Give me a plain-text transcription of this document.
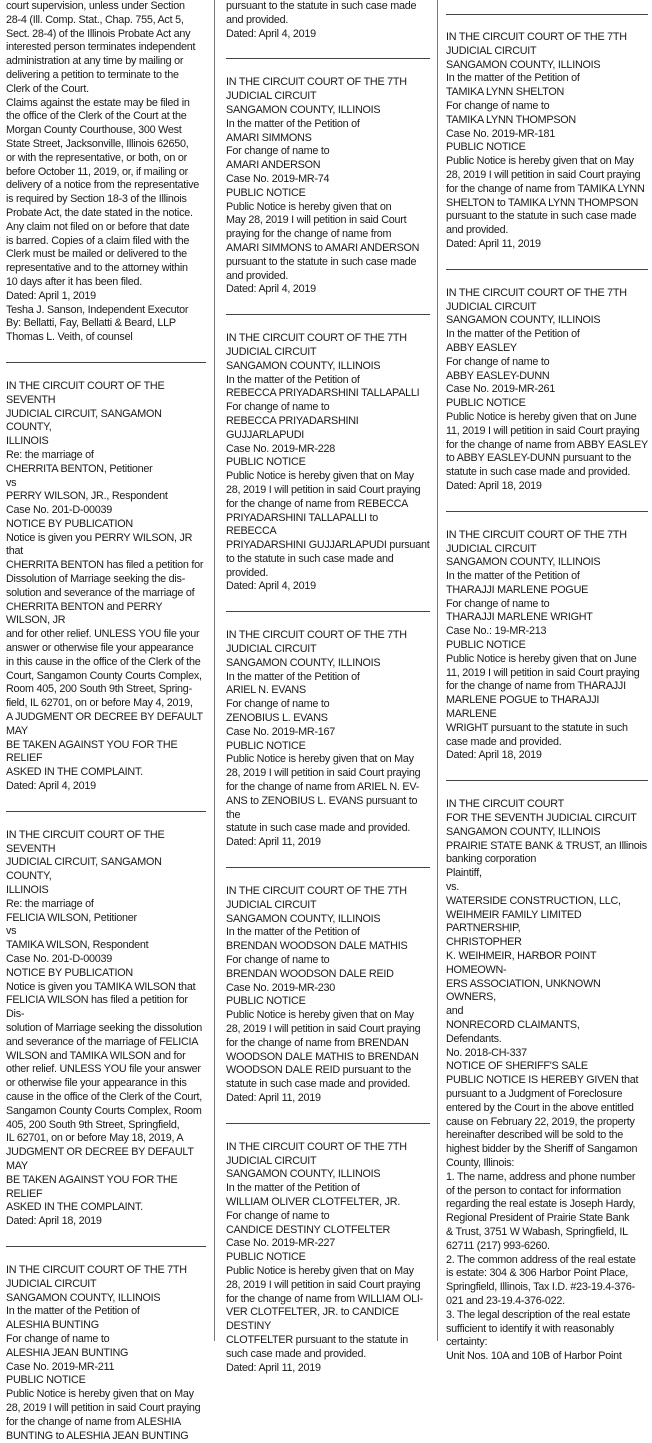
court supervision, unless under Section
28-4 (Ill. Comp. Stat., Chap. 755, Act 5,
Sect. 28-4) of the Illinois Probate Act any
interested person terminates independent
administration at any time by mailing or
delivering a petition to terminate to the
Clerk of the Court.
Claims against the estate may be filed in
the office of the Clerk of the Court at the
Morgan County Courthouse, 300 West
State Street, Jacksonville, Illinois 62650,
or with the representative, or both, on or
before October 11, 2019, or, if mailing or
delivery of a notice from the representative
is required by Section 18-3 of the Illinois
Probate Act, the date stated in the notice.
Any claim not filed on or before that date
is barred. Copies of a claim filed with the
Clerk must be mailed or delivered to the
representative and to the attorney within
10 days after it has been filed.
Dated: April 1, 2019
Tesha J. Sanson, Independent Executor
By: Bellatti, Fay, Bellatti & Beard, LLP
Thomas L. Veith, of counsel

IN THE CIRCUIT COURT OF THE SEVENTH
JUDICIAL CIRCUIT, SANGAMON COUNTY,
ILLINOIS
Re: the marriage of
CHERRITA BENTON, Petitioner
vs
PERRY WILSON, JR., Respondent
Case No. 201-D-00039
NOTICE BY PUBLICATION
Notice is given you PERRY WILSON, JR that
CHERRITA BENTON has filed a petition for
Dissolution of Marriage seeking the dis-
solution and severance of the marriage of
CHERRITA BENTON and PERRY WILSON, JR
and for other relief. UNLESS YOU file your
answer or otherwise file your appearance
in this cause in the office of the Clerk of the
Court, Sangamon County Courts Complex,
Room 405, 200 South 9th Street, Spring-
field, IL 62701, on or before May 4, 2019,
A JUDGMENT OR DECREE BY DEFAULT MAY
BE TAKEN AGAINST YOU FOR THE RELIEF
ASKED IN THE COMPLAINT.
Dated: April 4, 2019

IN THE CIRCUIT COURT OF THE SEVENTH
JUDICIAL CIRCUIT, SANGAMON COUNTY,
ILLINOIS
Re: the marriage of
FELICIA WILSON, Petitioner
vs
TAMIKA WILSON, Respondent
Case No. 201-D-00039
NOTICE BY PUBLICATION
Notice is given you TAMIKA WILSON that
FELICIA WILSON has filed a petition for Dis-
solution of Marriage seeking the dissolution
and severance of the marriage of FELICIA
WILSON and TAMIKA WILSON and for
other relief. UNLESS YOU file your answer
or otherwise file your appearance in this
cause in the office of the Clerk of the Court,
Sangamon County Courts Complex, Room
405, 200 South 9th Street, Springfield,
IL 62701, on or before May 18, 2019, A
JUDGMENT OR DECREE BY DEFAULT MAY
BE TAKEN AGAINST YOU FOR THE RELIEF
ASKED IN THE COMPLAINT.
Dated: April 18, 2019

IN THE CIRCUIT COURT OF THE 7TH
JUDICIAL CIRCUIT
SANGAMON COUNTY, ILLINOIS
In the matter of the Petition of
ALESHIA BUNTING
For change of name to
ALESHIA JEAN BUNTING
Case No. 2019-MR-211
PUBLIC NOTICE
Public Notice is hereby given that on May
28, 2019 I will petition in said Court praying
for the change of name from ALESHIA
BUNTING to ALESHIA JEAN BUNTING

pursuant to the statute in such case made
and provided.
Dated: April 4, 2019

IN THE CIRCUIT COURT OF THE 7TH
JUDICIAL CIRCUIT
SANGAMON COUNTY, ILLINOIS
In the matter of the Petition of
AMARI SIMMONS
For change of name to
AMARI ANDERSON
Case No. 2019-MR-74
PUBLIC NOTICE
Public Notice is hereby given that on
May 28, 2019 I will petition in said Court
praying for the change of name from
AMARI SIMMONS to AMARI ANDERSON
pursuant to the statute in such case made
and provided.
Dated: April 4, 2019

IN THE CIRCUIT COURT OF THE 7TH
JUDICIAL CIRCUIT
SANGAMON COUNTY, ILLINOIS
In the matter of the Petition of
REBECCA PRIYADARSHINI TALLAPALLI
For change of name to
REBECCA PRIYADARSHINI GUJJARLAPUDI
Case No. 2019-MR-228
PUBLIC NOTICE
Public Notice is hereby given that on May
28, 2019 I will petition in said Court praying
for the change of name from REBECCA
PRIYADARSHINI TALLAPALLI to REBECCA
PRIYADARSHINI GUJJARLAPUDI pursuant
to the statute in such case made and
provided.
Dated: April 4, 2019

IN THE CIRCUIT COURT OF THE 7TH
JUDICIAL CIRCUIT
SANGAMON COUNTY, ILLINOIS
In the matter of the Petition of
ARIEL N. EVANS
For change of name to
ZENOBIUS L. EVANS
Case No. 2019-MR-167
PUBLIC NOTICE
Public Notice is hereby given that on May
28, 2019 I will petition in said Court praying
for the change of name from ARIEL N. EV-
ANS to ZENOBIUS L. EVANS pursuant to the
statute in such case made and provided.
Dated: April 11, 2019

IN THE CIRCUIT COURT OF THE 7TH
JUDICIAL CIRCUIT
SANGAMON COUNTY, ILLINOIS
In the matter of the Petition of
BRENDAN WOODSON DALE MATHIS
For change of name to
BRENDAN WOODSON DALE REID
Case No. 2019-MR-230
PUBLIC NOTICE
Public Notice is hereby given that on May
28, 2019 I will petition in said Court praying
for the change of name from BRENDAN
WOODSON DALE MATHIS to BRENDAN
WOODSON DALE REID pursuant to the
statute in such case made and provided.
Dated: April 11, 2019

IN THE CIRCUIT COURT OF THE 7TH
JUDICIAL CIRCUIT
SANGAMON COUNTY, ILLINOIS
In the matter of the Petition of
WILLIAM OLIVER CLOTFELTER, JR.
For change of name to
CANDICE DESTINY CLOTFELTER
Case No. 2019-MR-227
PUBLIC NOTICE
Public Notice is hereby given that on May
28, 2019 I will petition in said Court praying
for the change of name from WILLIAM OLI-
VER CLOTFELTER, JR. to CANDICE DESTINY
CLOTFELTER pursuant to the statute in
such case made and provided.
Dated: April 11, 2019

IN THE CIRCUIT COURT OF THE 7TH
JUDICIAL CIRCUIT
SANGAMON COUNTY, ILLINOIS
In the matter of the Petition of
TAMIKA LYNN SHELTON
For change of name to
TAMIKA LYNN THOMPSON
Case No. 2019-MR-181
PUBLIC NOTICE
Public Notice is hereby given that on May
28, 2019 I will petition in said Court praying
for the change of name from TAMIKA LYNN
SHELTON to TAMIKA LYNN THOMPSON
pursuant to the statute in such case made
and provided.
Dated: April 11, 2019

IN THE CIRCUIT COURT OF THE 7TH
JUDICIAL CIRCUIT
SANGAMON COUNTY, ILLINOIS
In the matter of the Petition of
ABBY EASLEY
For change of name to
ABBY EASLEY-DUNN
Case No. 2019-MR-261
PUBLIC NOTICE
Public Notice is hereby given that on June
11, 2019 I will petition in said Court praying
for the change of name from ABBY EASLEY
to ABBY EASLEY-DUNN pursuant to the
statute in such case made and provided.
Dated: April 18, 2019

IN THE CIRCUIT COURT OF THE 7TH
JUDICIAL CIRCUIT
SANGAMON COUNTY, ILLINOIS
In the matter of the Petition of
THARAJJI MARLENE POGUE
For change of name to
THARAJJI MARLENE WRIGHT
Case No.: 19-MR-213
PUBLIC NOTICE
Public Notice is hereby given that on June
11, 2019 I will petition in said Court praying
for the change of name from THARAJJI
MARLENE POGUE to THARAJJI MARLENE
WRIGHT pursuant to the statute in such
case made and provided.
Dated: April 18, 2019

IN THE CIRCUIT COURT
FOR THE SEVENTH JUDICIAL CIRCUIT
SANGAMON COUNTY, ILLINOIS
PRAIRIE STATE BANK & TRUST, an Illinois
banking corporation
Plaintiff,
vs.
WATERSIDE CONSTRUCTION, LLC,
WEIHMEIR FAMILY LIMITED PARTNERSHIP,
CHRISTOPHER
K. WEIHMEIR, HARBOR POINT HOMEOWN-
ERS ASSOCIATION, UNKNOWN OWNERS,
and
NONRECORD CLAIMANTS,
Defendants.
No. 2018-CH-337
NOTICE OF SHERIFF'S SALE
PUBLIC NOTICE IS HEREBY GIVEN that
pursuant to a Judgment of Foreclosure
entered by the Court in the above entitled
cause on February 22, 2019, the property
hereinafter described will be sold to the
highest bidder by the Sheriff of Sangamon
County, Illinois:
1. The name, address and phone number
of the person to contact for information
regarding the real estate is Joseph Hardy,
Regional President of Prairie State Bank
& Trust, 3751 W Wabash, Springfield, IL
62711 (217) 993-6260.
2. The common address of the real estate
is estate: 304 & 306 Harbor Point Place,
Springfield, Illinois, Tax I.D. #23-19.4-376-
021 and 23-19.4-376-022.
3. The legal description of the real estate
sufficient to identify it with reasonably
certainty:
Unit Nos. 10A and 10B of Harbor Point
